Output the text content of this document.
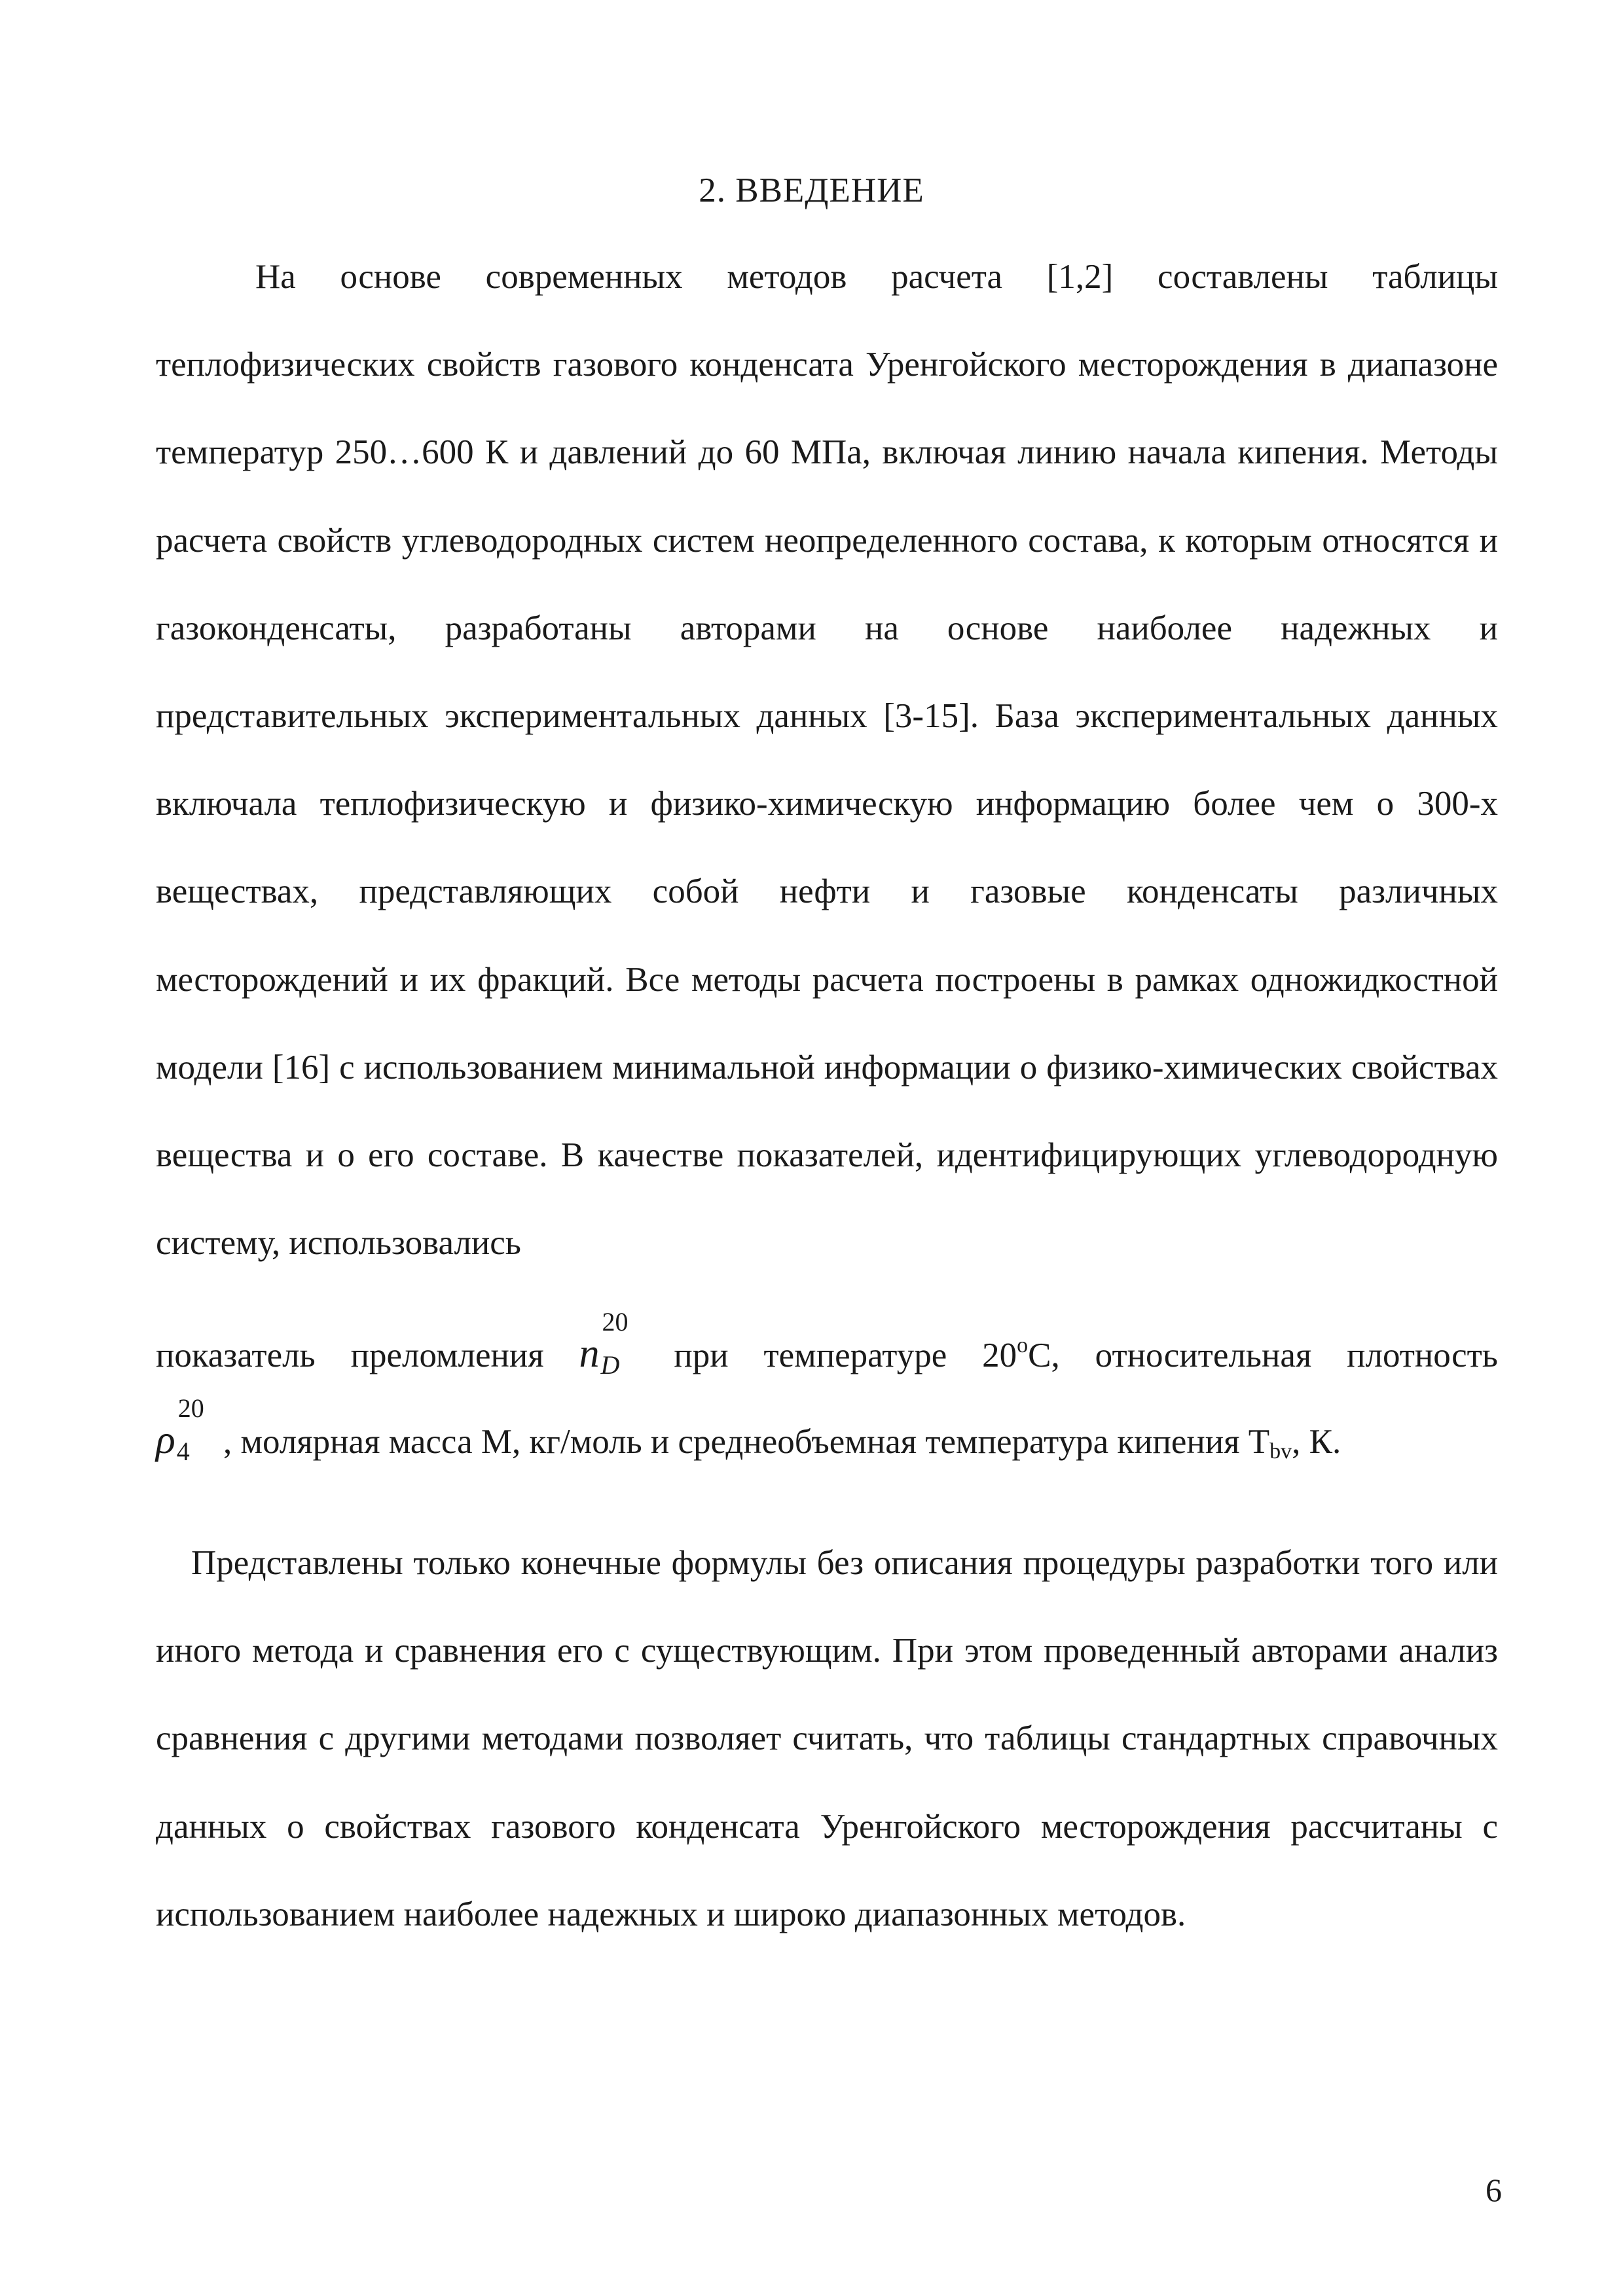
2. ВВЕДЕНИЕ

На основе современных методов расчета [1,2] составлены таблицы теплофизических свойств газового конденсата Уренгойского месторождения в диапазоне температур 250…600 К и давлений до 60 МПа, включая линию начала кипения. Методы расчета свойств углеводородных систем неопределенного состава, к которым относятся и газоконденсаты, разработаны авторами на основе наиболее надежных и представительных экспериментальных данных [3-15]. База экспериментальных данных включала теплофизическую и физико-химическую информацию более чем о 300-х веществах, представляющих собой нефти и газовые конденсаты различных месторождений и их фракций. Все методы расчета построены в рамках одножидкостной модели [16] с использованием минимальной информации о физико-химических свойствах вещества и о его составе. В качестве показателей, идентифицирующих углеводородную систему, использовались

показатель преломления n
20
D при температуре 20$^o$C, относительная плотность
ρ
20
4 , молярная масса М, кг/моль и среднеобъемная температура кипения Tbv, К.

Представлены только конечные формулы без описания процедуры разработки того или иного метода и сравнения его с существующим. При этом проведенный авторами анализ сравнения с другими методами позволяет считать, что таблицы стандартных справочных данных о свойствах газового конденсата Уренгойского месторождения рассчитаны с использованием наиболее надежных и широко диапазонных методов.

6
